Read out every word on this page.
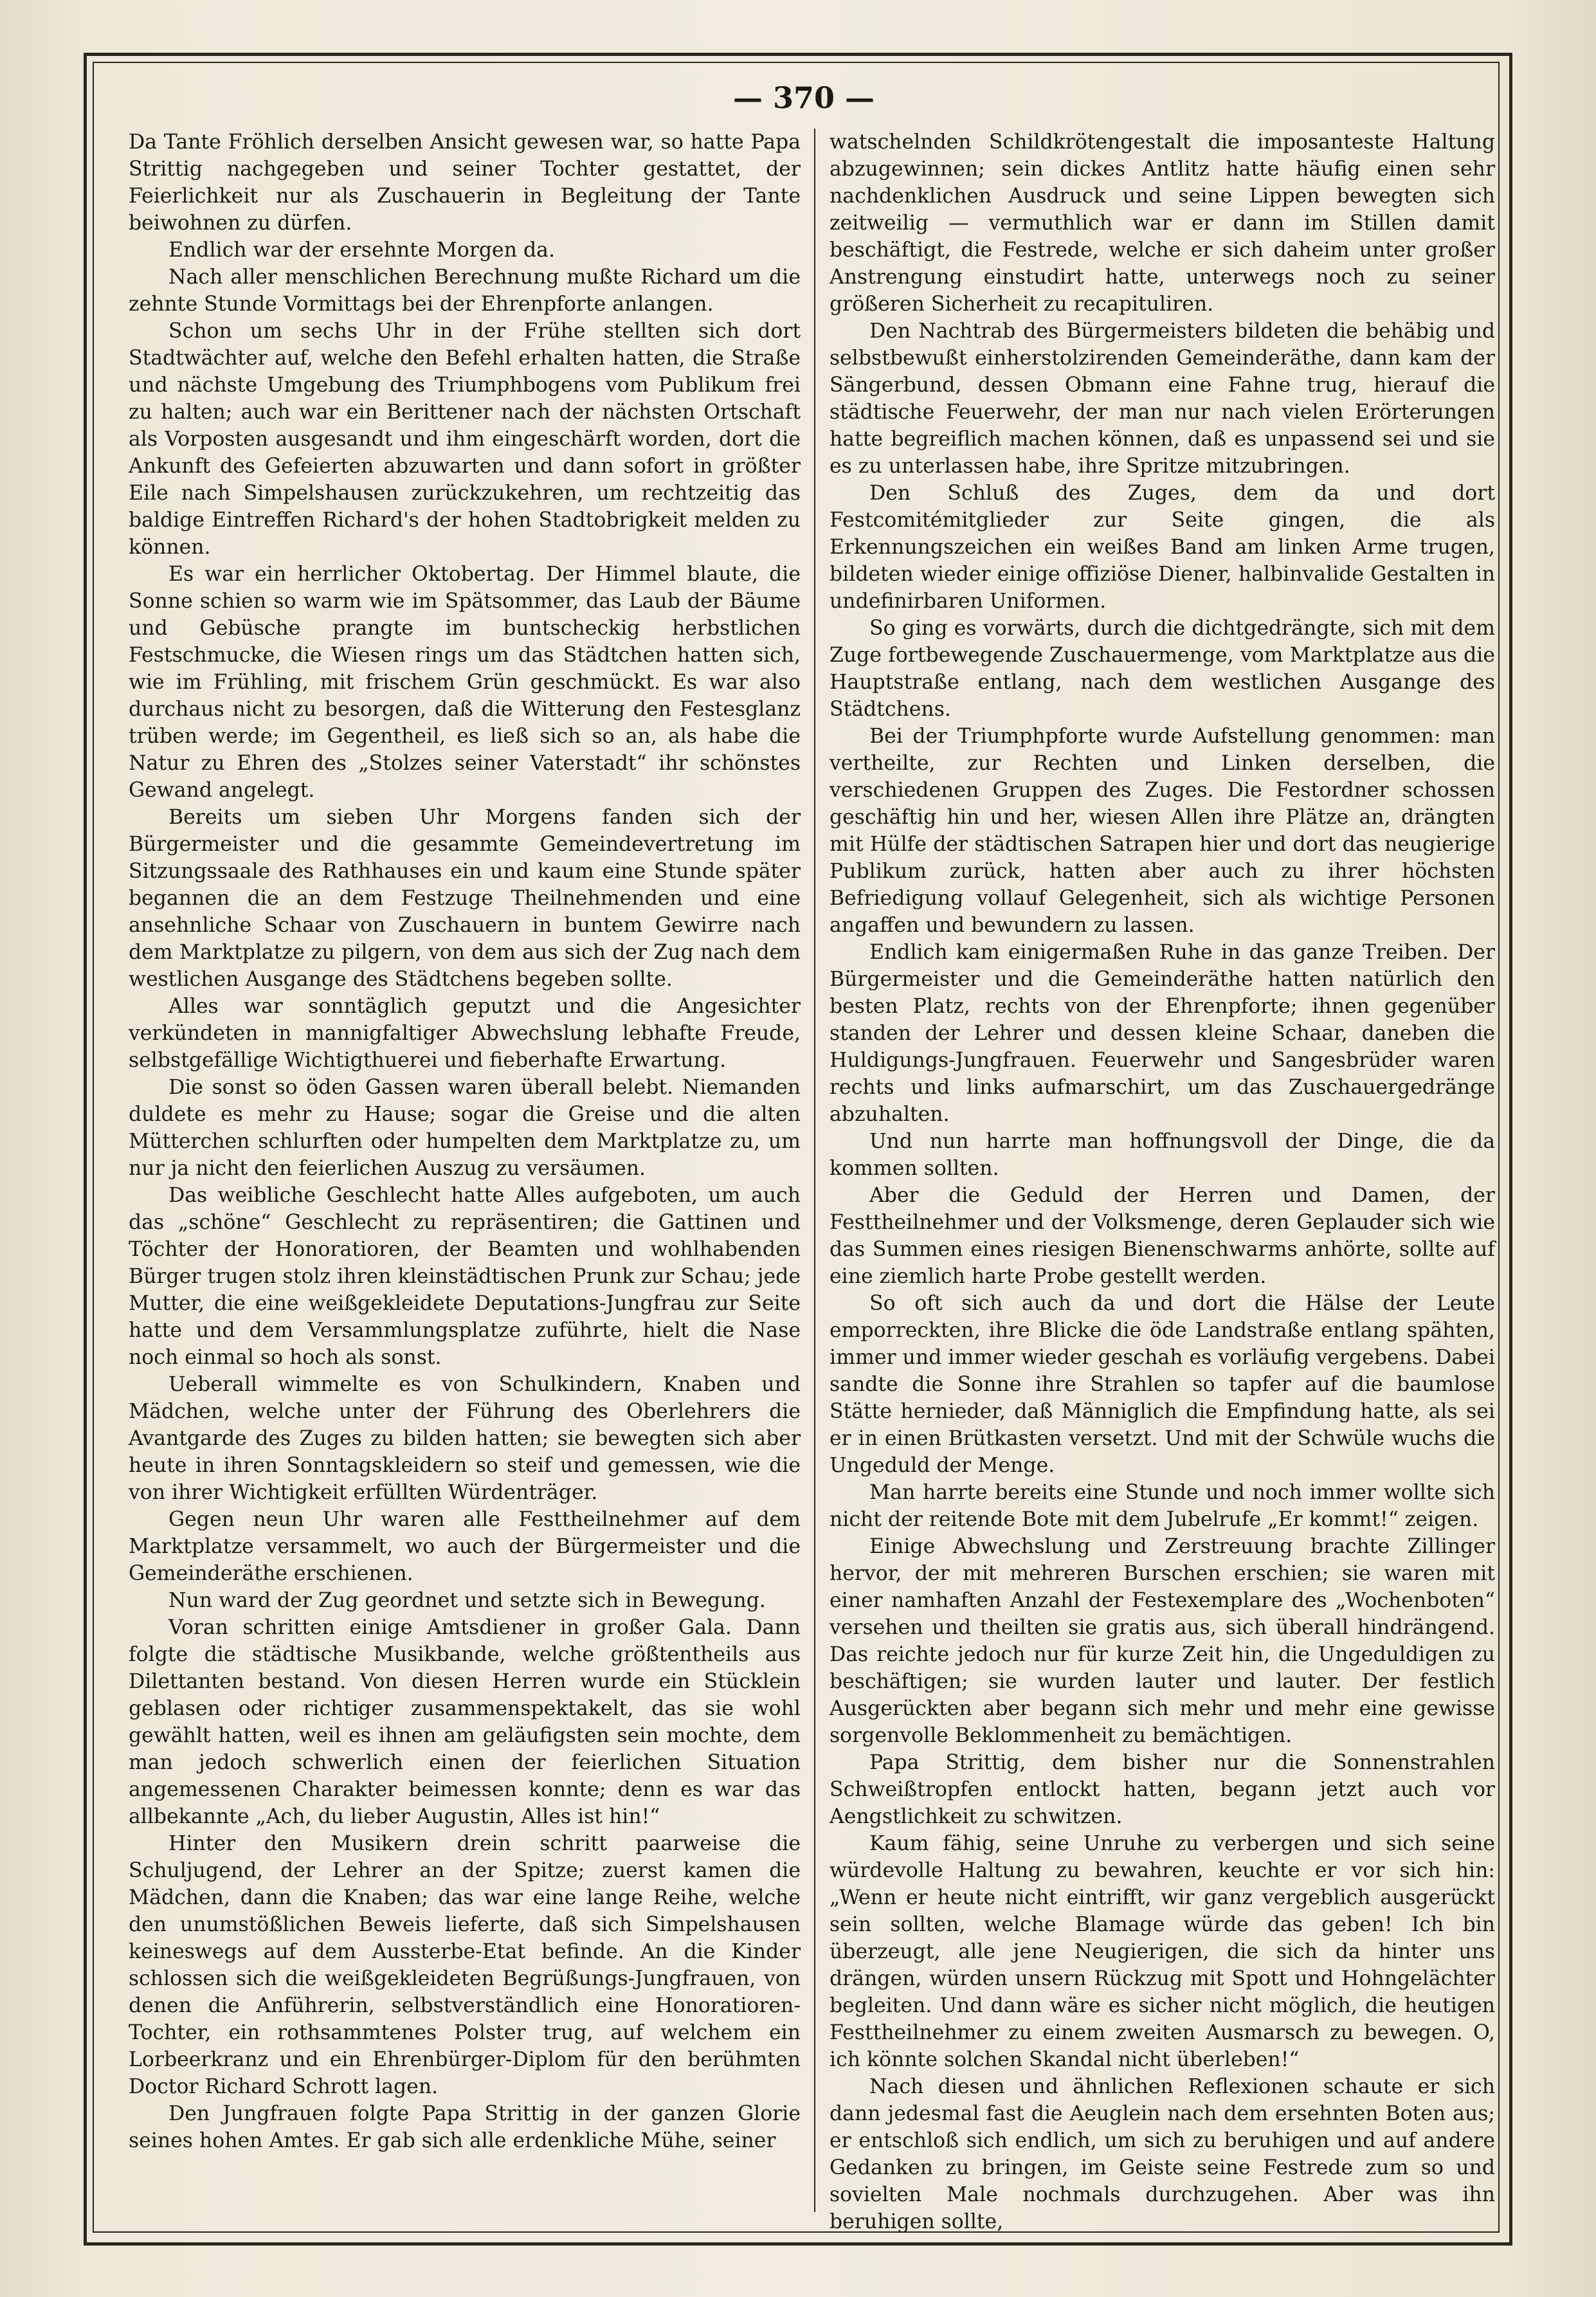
— 370 —

Da Tante Fröhlich derselben Ansicht gewesen war, so hatte Papa Strittig nachgegeben und seiner Tochter gestattet, der Feierlichkeit nur als Zuschauerin in Begleitung der Tante beiwohnen zu dürfen.

Endlich war der ersehnte Morgen da.

Nach aller menschlichen Berechnung mußte Richard um die zehnte Stunde Vormittags bei der Ehrenpforte anlangen.

Schon um sechs Uhr in der Frühe stellten sich dort Stadtwächter auf, welche den Befehl erhalten hatten, die Straße und nächste Umgebung des Triumphbogens vom Publikum frei zu halten; auch war ein Berittener nach der nächsten Ortschaft als Vorposten ausgesandt und ihm eingeschärft worden, dort die Ankunft des Gefeierten abzuwarten und dann sofort in größter Eile nach Simpelshausen zurückzukehren, um rechtzeitig das baldige Eintreffen Richard's der hohen Stadtobrigkeit melden zu können.

Es war ein herrlicher Oktobertag. Der Himmel blaute, die Sonne schien so warm wie im Spätsommer, das Laub der Bäume und Gebüsche prangte im buntscheckig herbstlichen Festschmucke, die Wiesen rings um das Städtchen hatten sich, wie im Frühling, mit frischem Grün geschmückt. Es war also durchaus nicht zu besorgen, daß die Witterung den Festesglanz trüben werde; im Gegentheil, es ließ sich so an, als habe die Natur zu Ehren des „Stolzes seiner Vaterstadt“ ihr schönstes Gewand angelegt.

Bereits um sieben Uhr Morgens fanden sich der Bürgermeister und die gesammte Gemeindevertretung im Sitzungssaale des Rathhauses ein und kaum eine Stunde später begannen die an dem Festzuge Theilnehmenden und eine ansehnliche Schaar von Zuschauern in buntem Gewirre nach dem Marktplatze zu pilgern, von dem aus sich der Zug nach dem westlichen Ausgange des Städtchens begeben sollte.

Alles war sonntäglich geputzt und die Angesichter verkündeten in mannigfaltiger Abwechslung lebhafte Freude, selbstgefällige Wichtigthuerei und fieberhafte Erwartung.

Die sonst so öden Gassen waren überall belebt. Niemanden duldete es mehr zu Hause; sogar die Greise und die alten Mütterchen schlurften oder humpelten dem Marktplatze zu, um nur ja nicht den feierlichen Auszug zu versäumen.

Das weibliche Geschlecht hatte Alles aufgeboten, um auch das „schöne“ Geschlecht zu repräsentiren; die Gattinen und Töchter der Honoratioren, der Beamten und wohlhabenden Bürger trugen stolz ihren kleinstädtischen Prunk zur Schau; jede Mutter, die eine weißgekleidete Deputations-Jungfrau zur Seite hatte und dem Versammlungsplatze zuführte, hielt die Nase noch einmal so hoch als sonst.

Ueberall wimmelte es von Schulkindern, Knaben und Mädchen, welche unter der Führung des Oberlehrers die Avantgarde des Zuges zu bilden hatten; sie bewegten sich aber heute in ihren Sonntagskleidern so steif und gemessen, wie die von ihrer Wichtigkeit erfüllten Würdenträger.

Gegen neun Uhr waren alle Festtheilnehmer auf dem Marktplatze versammelt, wo auch der Bürgermeister und die Gemeinderäthe erschienen.

Nun ward der Zug geordnet und setzte sich in Bewegung.

Voran schritten einige Amtsdiener in großer Gala. Dann folgte die städtische Musikbande, welche größtentheils aus Dilettanten bestand. Von diesen Herren wurde ein Stücklein geblasen oder richtiger zusammenspektakelt, das sie wohl gewählt hatten, weil es ihnen am geläufigsten sein mochte, dem man jedoch schwerlich einen der feierlichen Situation angemessenen Charakter beimessen konnte; denn es war das allbekannte „Ach, du lieber Augustin, Alles ist hin!“

Hinter den Musikern drein schritt paarweise die Schuljugend, der Lehrer an der Spitze; zuerst kamen die Mädchen, dann die Knaben; das war eine lange Reihe, welche den unumstößlichen Beweis lieferte, daß sich Simpelshausen keineswegs auf dem Aussterbe-Etat befinde. An die Kinder schlossen sich die weißgekleideten Begrüßungs-Jungfrauen, von denen die Anführerin, selbstverständlich eine Honoratioren-Tochter, ein rothsammtenes Polster trug, auf welchem ein Lorbeerkranz und ein Ehrenbürger-Diplom für den berühmten Doctor Richard Schrott lagen.

Den Jungfrauen folgte Papa Strittig in der ganzen Glorie seines hohen Amtes. Er gab sich alle erdenkliche Mühe, seiner

watschelnden Schildkrötengestalt die imposanteste Haltung abzugewinnen; sein dickes Antlitz hatte häufig einen sehr nachdenklichen Ausdruck und seine Lippen bewegten sich zeitweilig — vermuthlich war er dann im Stillen damit beschäftigt, die Festrede, welche er sich daheim unter großer Anstrengung einstudirt hatte, unterwegs noch zu seiner größeren Sicherheit zu recapituliren.

Den Nachtrab des Bürgermeisters bildeten die behäbig und selbstbewußt einherstolzirenden Gemeinderäthe, dann kam der Sängerbund, dessen Obmann eine Fahne trug, hierauf die städtische Feuerwehr, der man nur nach vielen Erörterungen hatte begreiflich machen können, daß es unpassend sei und sie es zu unterlassen habe, ihre Spritze mitzubringen.

Den Schluß des Zuges, dem da und dort Festcomitémitglieder zur Seite gingen, die als Erkennungszeichen ein weißes Band am linken Arme trugen, bildeten wieder einige offiziöse Diener, halbinvalide Gestalten in undefinirbaren Uniformen.

So ging es vorwärts, durch die dichtgedrängte, sich mit dem Zuge fortbewegende Zuschauermenge, vom Marktplatze aus die Hauptstraße entlang, nach dem westlichen Ausgange des Städtchens.

Bei der Triumphpforte wurde Aufstellung genommen: man vertheilte, zur Rechten und Linken derselben, die verschiedenen Gruppen des Zuges. Die Festordner schossen geschäftig hin und her, wiesen Allen ihre Plätze an, drängten mit Hülfe der städtischen Satrapen hier und dort das neugierige Publikum zurück, hatten aber auch zu ihrer höchsten Befriedigung vollauf Gelegenheit, sich als wichtige Personen angaffen und bewundern zu lassen.

Endlich kam einigermaßen Ruhe in das ganze Treiben. Der Bürgermeister und die Gemeinderäthe hatten natürlich den besten Platz, rechts von der Ehrenpforte; ihnen gegenüber standen der Lehrer und dessen kleine Schaar, daneben die Huldigungs-Jungfrauen. Feuerwehr und Sangesbrüder waren rechts und links aufmarschirt, um das Zuschauergedränge abzuhalten.

Und nun harrte man hoffnungsvoll der Dinge, die da kommen sollten.

Aber die Geduld der Herren und Damen, der Festtheilnehmer und der Volksmenge, deren Geplauder sich wie das Summen eines riesigen Bienenschwarms anhörte, sollte auf eine ziemlich harte Probe gestellt werden.

So oft sich auch da und dort die Hälse der Leute emporreckten, ihre Blicke die öde Landstraße entlang spähten, immer und immer wieder geschah es vorläufig vergebens. Dabei sandte die Sonne ihre Strahlen so tapfer auf die baumlose Stätte hernieder, daß Männiglich die Empfindung hatte, als sei er in einen Brütkasten versetzt. Und mit der Schwüle wuchs die Ungeduld der Menge.

Man harrte bereits eine Stunde und noch immer wollte sich nicht der reitende Bote mit dem Jubelrufe „Er kommt!“ zeigen.

Einige Abwechslung und Zerstreuung brachte Zillinger hervor, der mit mehreren Burschen erschien; sie waren mit einer namhaften Anzahl der Festexemplare des „Wochenboten“ versehen und theilten sie gratis aus, sich überall hindrängend. Das reichte jedoch nur für kurze Zeit hin, die Ungeduldigen zu beschäftigen; sie wurden lauter und lauter. Der festlich Ausgerückten aber begann sich mehr und mehr eine gewisse sorgenvolle Beklommenheit zu bemächtigen.

Papa Strittig, dem bisher nur die Sonnenstrahlen Schweißtropfen entlockt hatten, begann jetzt auch vor Aengstlichkeit zu schwitzen.

Kaum fähig, seine Unruhe zu verbergen und sich seine würdevolle Haltung zu bewahren, keuchte er vor sich hin: „Wenn er heute nicht eintrifft, wir ganz vergeblich ausgerückt sein sollten, welche Blamage würde das geben! Ich bin überzeugt, alle jene Neugierigen, die sich da hinter uns drängen, würden unsern Rückzug mit Spott und Hohngelächter begleiten. Und dann wäre es sicher nicht möglich, die heutigen Festtheilnehmer zu einem zweiten Ausmarsch zu bewegen. O, ich könnte solchen Skandal nicht überleben!“

Nach diesen und ähnlichen Reflexionen schaute er sich dann jedesmal fast die Aeuglein nach dem ersehnten Boten aus; er entschloß sich endlich, um sich zu beruhigen und auf andere Gedanken zu bringen, im Geiste seine Festrede zum so und sovielten Male nochmals durchzugehen. Aber was ihn beruhigen sollte,
